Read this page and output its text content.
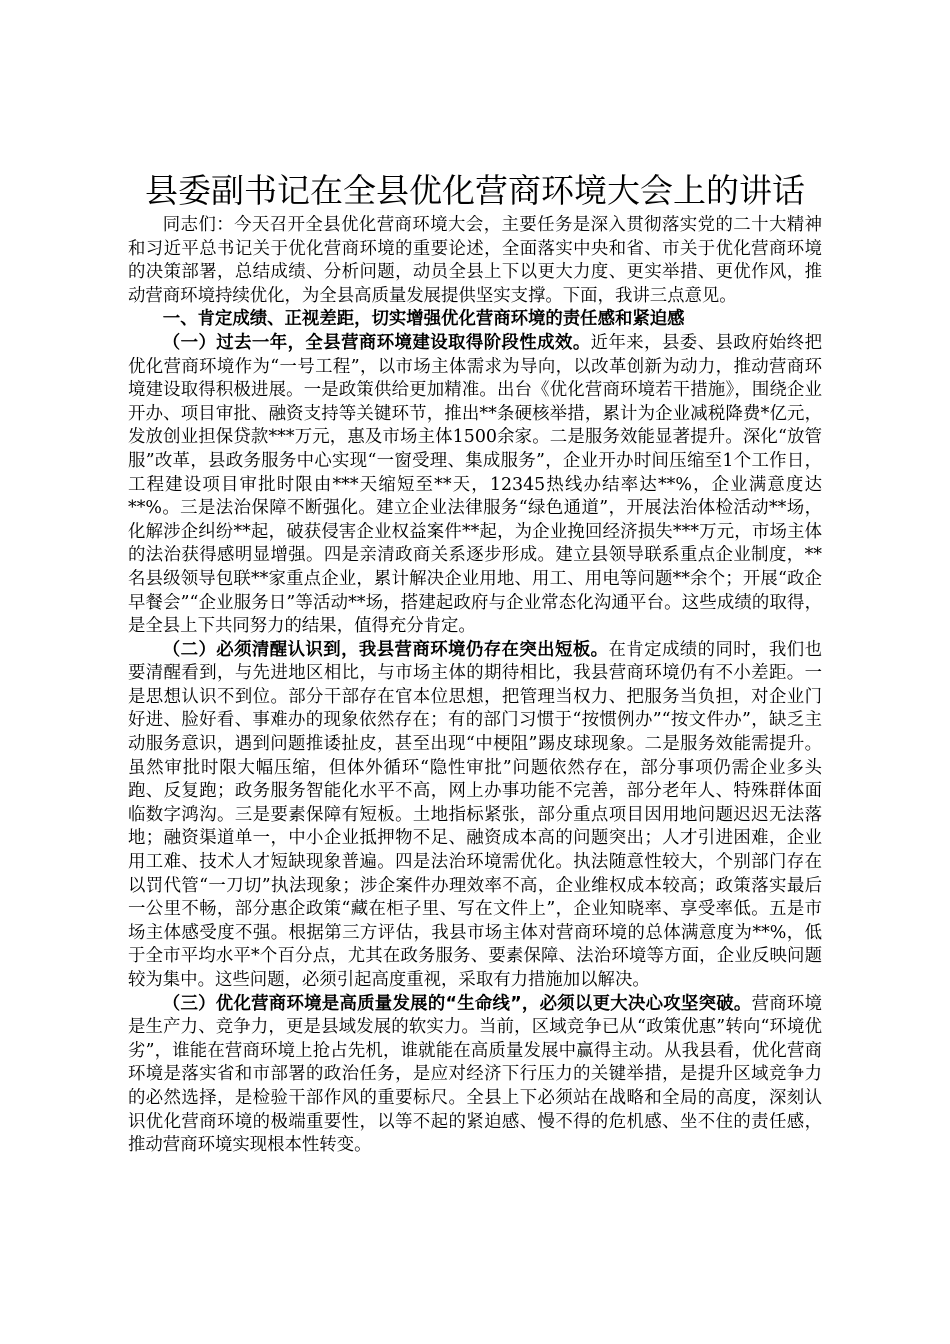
县委副书记在全县优化营商环境大会上的讲话

同志们：今天召开全县优化营商环境大会，主要任务是深入贯彻落实党的二十大精神和习近平总书记关于优化营商环境的重要论述，全面落实中央和省、市关于优化营商环境的决策部署，总结成绩、分析问题，动员全县上下以更大力度、更实举措、更优作风，推动营商环境持续优化，为全县高质量发展提供坚实支撑。下面，我讲三点意见。

一、肯定成绩、正视差距，切实增强优化营商环境的责任感和紧迫感

（一）过去一年，全县营商环境建设取得阶段性成效。近年来，县委、县政府始终把优化营商环境作为“一号工程”，以市场主体需求为导向，以改革创新为动力，推动营商环境建设取得积极进展。一是政策供给更加精准。出台《优化营商环境若干措施》，围绕企业开办、项目审批、融资支持等关键环节，推出**条硬核举措，累计为企业减税降费*亿元，发放创业担保贷款***万元，惠及市场主体1500余家。二是服务效能显著提升。深化“放管服”改革，县政务服务中心实现“一窗受理、集成服务”，企业开办时间压缩至1个工作日，工程建设项目审批时限由***天缩短至**天，12345热线办结率达**%，企业满意度达**%。三是法治保障不断强化。建立企业法律服务“绿色通道”，开展法治体检活动**场，化解涉企纠纷**起，破获侵害企业权益案件**起，为企业挽回经济损失***万元，市场主体的法治获得感明显增强。四是亲清政商关系逐步形成。建立县领导联系重点企业制度，**名县级领导包联**家重点企业，累计解决企业用地、用工、用电等问题**余个；开展“政企早餐会”“企业服务日”等活动**场，搭建起政府与企业常态化沟通平台。这些成绩的取得，是全县上下共同努力的结果，值得充分肯定。

（二）必须清醒认识到，我县营商环境仍存在突出短板。在肯定成绩的同时，我们也要清醒看到，与先进地区相比，与市场主体的期待相比，我县营商环境仍有不小差距。一是思想认识不到位。部分干部存在官本位思想，把管理当权力、把服务当负担，对企业门好进、脸好看、事难办的现象依然存在；有的部门习惯于“按惯例办”“按文件办”，缺乏主动服务意识，遇到问题推诿扯皮，甚至出现“中梗阻”踢皮球现象。二是服务效能需提升。虽然审批时限大幅压缩，但体外循环“隐性审批”问题依然存在，部分事项仍需企业多头跑、反复跑；政务服务智能化水平不高，网上办事功能不完善，部分老年人、特殊群体面临数字鸿沟。三是要素保障有短板。土地指标紧张，部分重点项目因用地问题迟迟无法落地；融资渠道单一，中小企业抵押物不足、融资成本高的问题突出；人才引进困难，企业用工难、技术人才短缺现象普遍。四是法治环境需优化。执法随意性较大，个别部门存在以罚代管“一刀切”执法现象；涉企案件办理效率不高，企业维权成本较高；政策落实最后一公里不畅，部分惠企政策“藏在柜子里、写在文件上”，企业知晓率、享受率低。五是市场主体感受度不强。根据第三方评估，我县市场主体对营商环境的总体满意度为**%，低于全市平均水平*个百分点，尤其在政务服务、要素保障、法治环境等方面，企业反映问题较为集中。这些问题，必须引起高度重视，采取有力措施加以解决。

（三）优化营商环境是高质量发展的“生命线”，必须以更大决心攻坚突破。营商环境是生产力、竞争力，更是县域发展的软实力。当前，区域竞争已从“政策优惠”转向“环境优劣”，谁能在营商环境上抢占先机，谁就能在高质量发展中赢得主动。从我县看，优化营商环境是落实省和市部署的政治任务，是应对经济下行压力的关键举措，是提升区域竞争力的必然选择，是检验干部作风的重要标尺。全县上下必须站在战略和全局的高度，深刻认识优化营商环境的极端重要性，以等不起的紧迫感、慢不得的危机感、坐不住的责任感，推动营商环境实现根本性转变。
